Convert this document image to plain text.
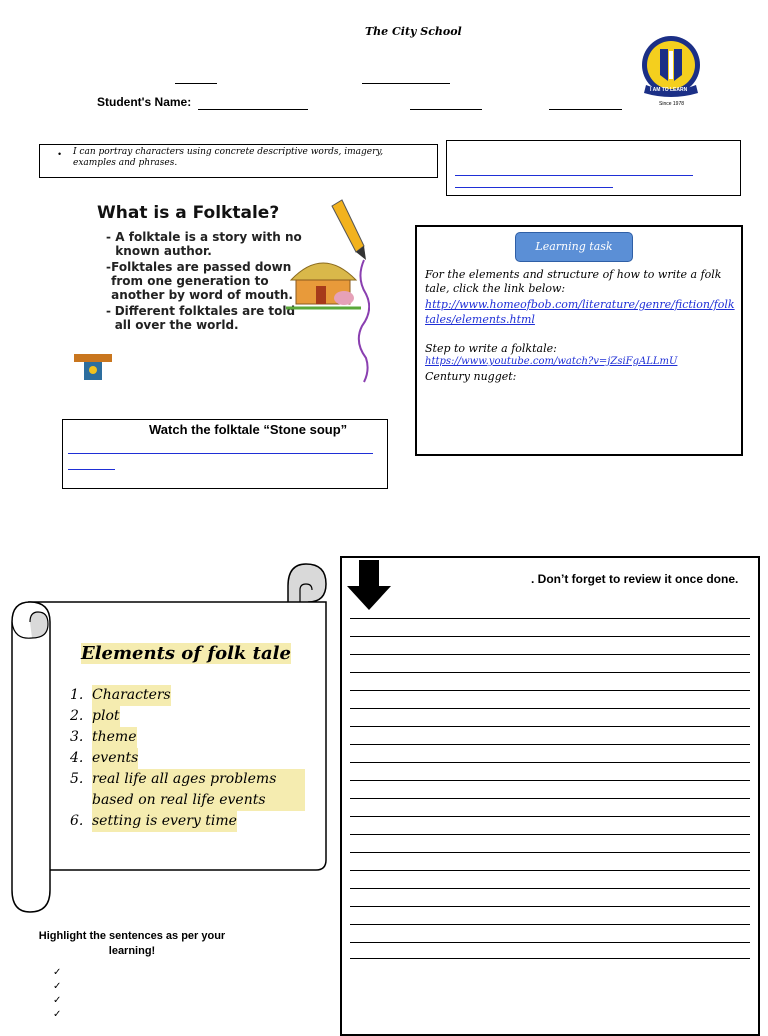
The City School
Student's Name:
I AM TO LEARN
Since 1978
• I can portray characters using concrete descriptive words, imagery, examples and phrases.
What is a Folktale?
- A folktale is a story with no known author.
- Folktales are passed down from one generation to another by word of mouth.
- Different folktales are told all over the world.
Learning task
For the elements and structure of how to write a folk tale, click the link below:
http://www.homeofbob.com/literature/genre/fiction/folktales/elements.html
Step to write a folktale:
https://www.youtube.com/watch?v=jZsiFgALLmU
Century nugget:
Watch the folktale “Stone soup”
Elements of folk tale
1. Characters
2. plot
3. theme
4. events
5. real life all ages problems based on real life events
6. setting is every time
Highlight the sentences as per your learning!
✓
✓
✓
✓
. Don’t forget to review it once done.
